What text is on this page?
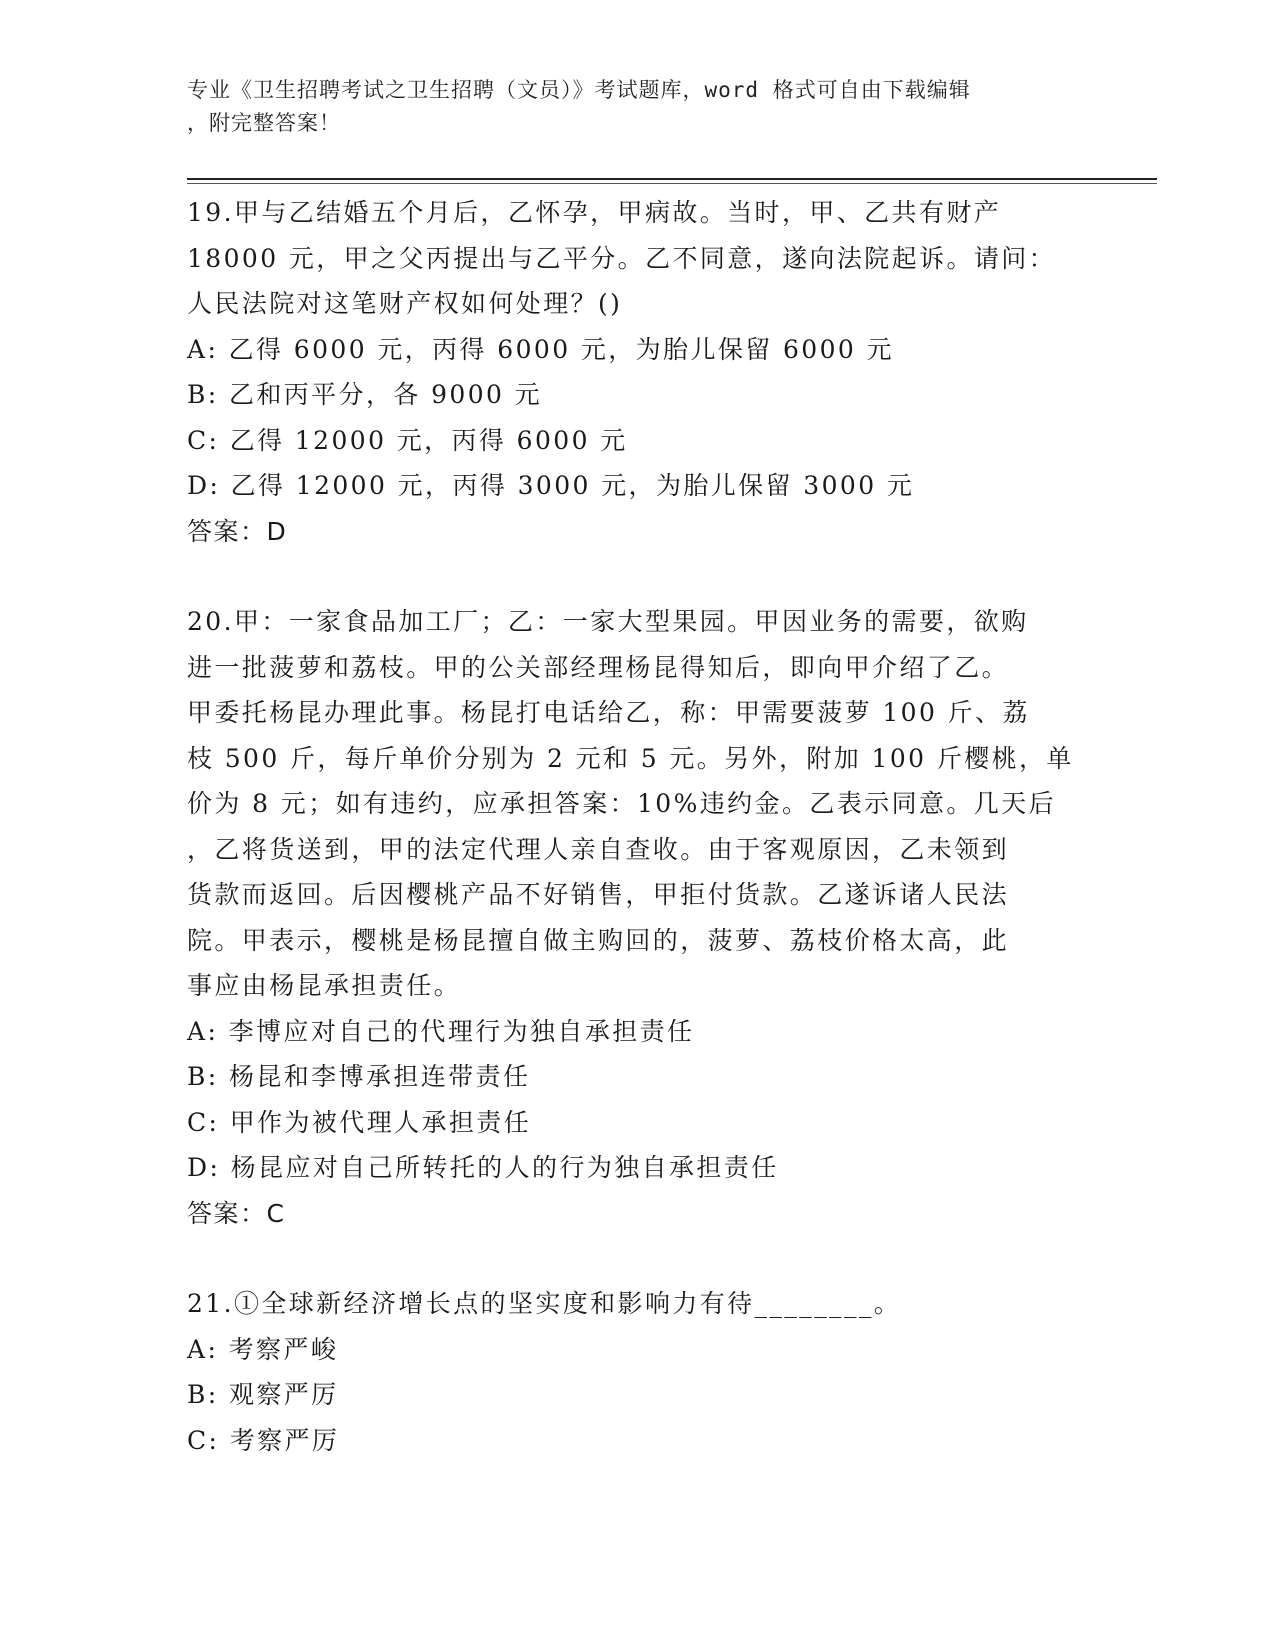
专业《卫生招聘考试之卫生招聘（文员）》考试题库，word 格式可自由下载编辑
，附完整答案！
19.甲与乙结婚五个月后，乙怀孕，甲病故。当时，甲、乙共有财产
18000 元，甲之父丙提出与乙平分。乙不同意，遂向法院起诉。请问：
人民法院对这笔财产权如何处理？()
A: 乙得 6000 元，丙得 6000 元，为胎儿保留 6000 元
B: 乙和丙平分，各 9000 元
C: 乙得 12000 元，丙得 6000 元
D: 乙得 12000 元，丙得 3000 元，为胎儿保留 3000 元
答案：D
20.甲：一家食品加工厂；乙：一家大型果园。甲因业务的需要，欲购
进一批菠萝和荔枝。甲的公关部经理杨昆得知后，即向甲介绍了乙。
甲委托杨昆办理此事。杨昆打电话给乙，称：甲需要菠萝 100 斤、荔
枝 500 斤，每斤单价分别为 2 元和 5 元。另外，附加 100 斤樱桃，单
价为 8 元；如有违约，应承担答案：10%违约金。乙表示同意。几天后
，乙将货送到，甲的法定代理人亲自查收。由于客观原因，乙未领到
货款而返回。后因樱桃产品不好销售，甲拒付货款。乙遂诉诸人民法
院。甲表示，樱桃是杨昆擅自做主购回的，菠萝、荔枝价格太高，此
事应由杨昆承担责任。
A: 李博应对自己的代理行为独自承担责任
B: 杨昆和李博承担连带责任
C: 甲作为被代理人承担责任
D: 杨昆应对自己所转托的人的行为独自承担责任
答案：C
21.①全球新经济增长点的坚实度和影响力有待________。
A: 考察严峻
B: 观察严厉
C: 考察严厉
